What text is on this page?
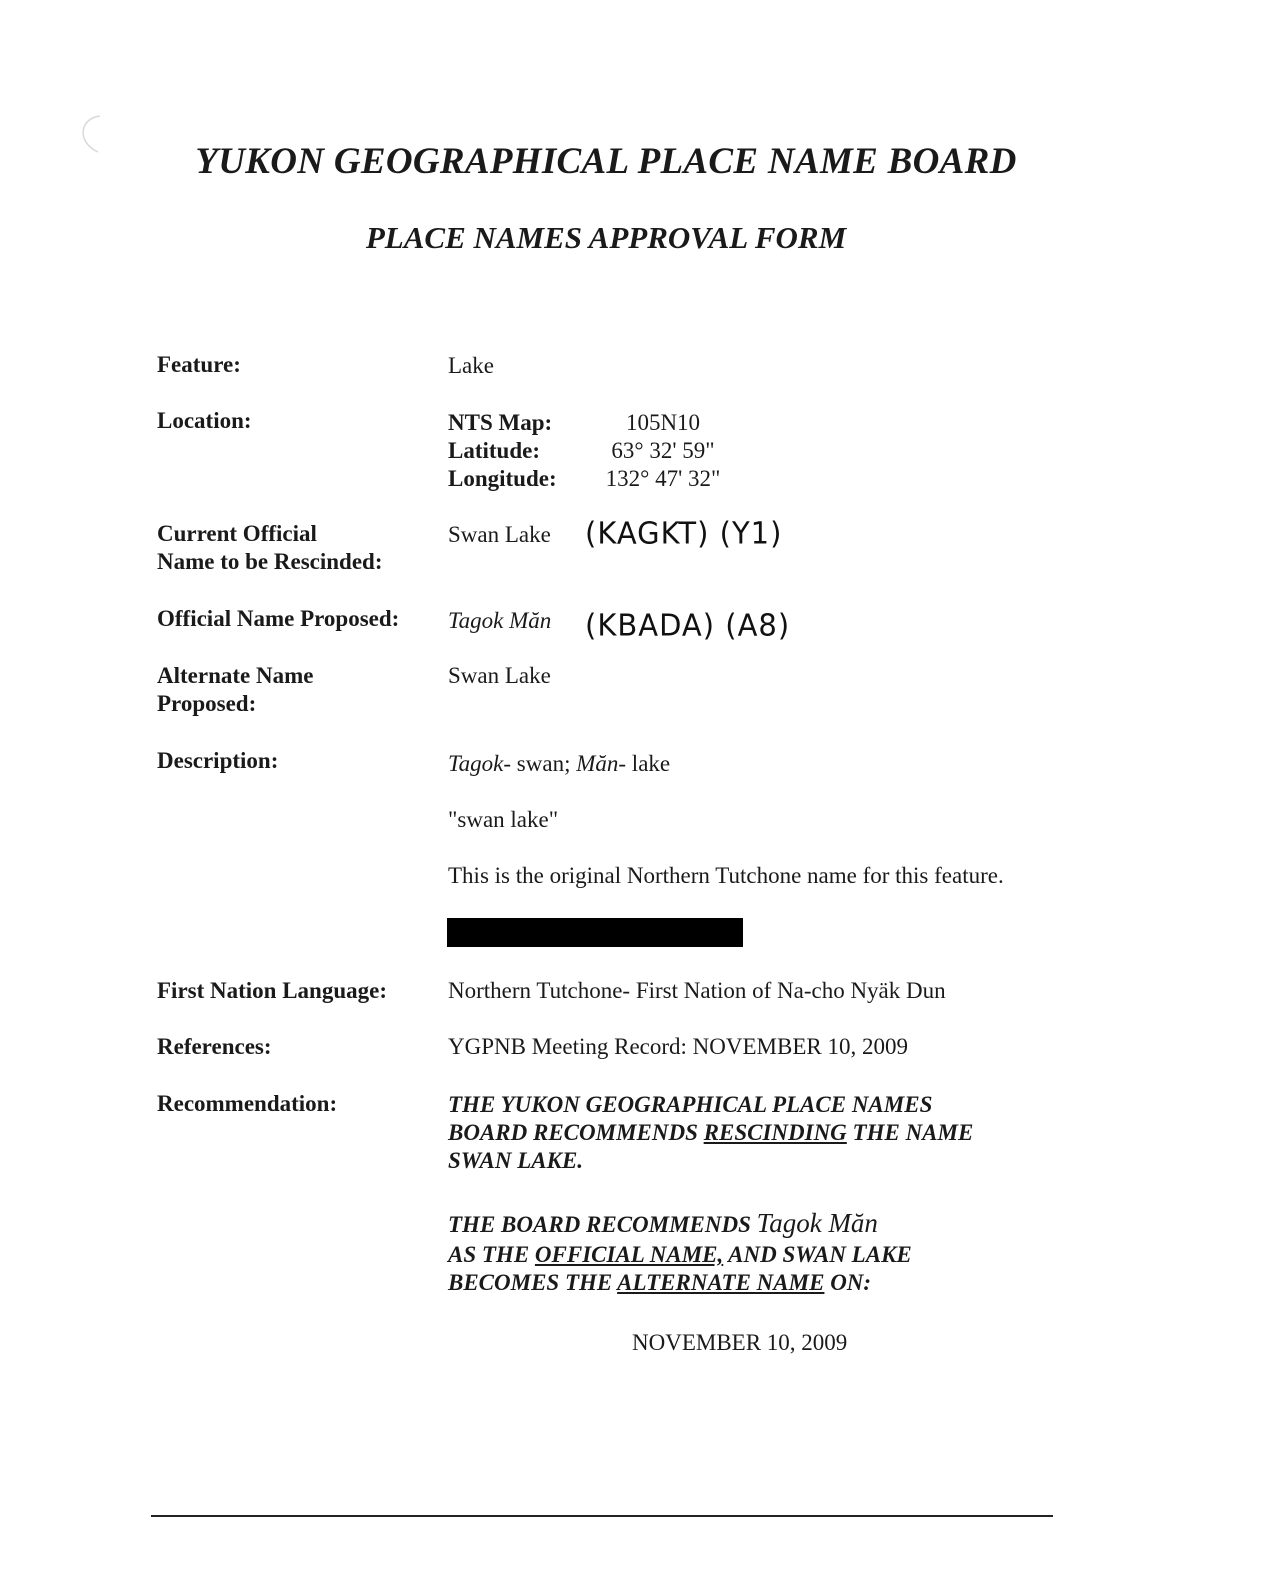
YUKON GEOGRAPHICAL PLACE NAME BOARD
PLACE NAMES APPROVAL FORM
Feature:	Lake
Location:	NTS Map:	105N10
Latitude:	63° 32' 59"
Longitude: 132° 47' 32"
Current Official
Name to be Rescinded:
Swan Lake (KAGKT) (Y1)
Official Name Proposed: Tagok Măn (KBADA) (A8)
Alternate Name
Proposed:
Swan Lake
Description:	Tagok- swan; Măn- lake
"swan lake"
This is the original Northern Tutchone name for this feature.
First Nation Language:	Northern Tutchone- First Nation of Na-cho Nyäk Dun
References:	YGPNB Meeting Record: NOVEMBER 10, 2009
Recommendation:	THE YUKON GEOGRAPHICAL PLACE NAMES
BOARD RECOMMENDS RESCINDING THE NAME
SWAN LAKE.
THE BOARD RECOMMENDS Tagok Măn
AS THE OFFICIAL NAME, AND SWAN LAKE
BECOMES THE ALTERNATE NAME ON:
NOVEMBER 10, 2009
